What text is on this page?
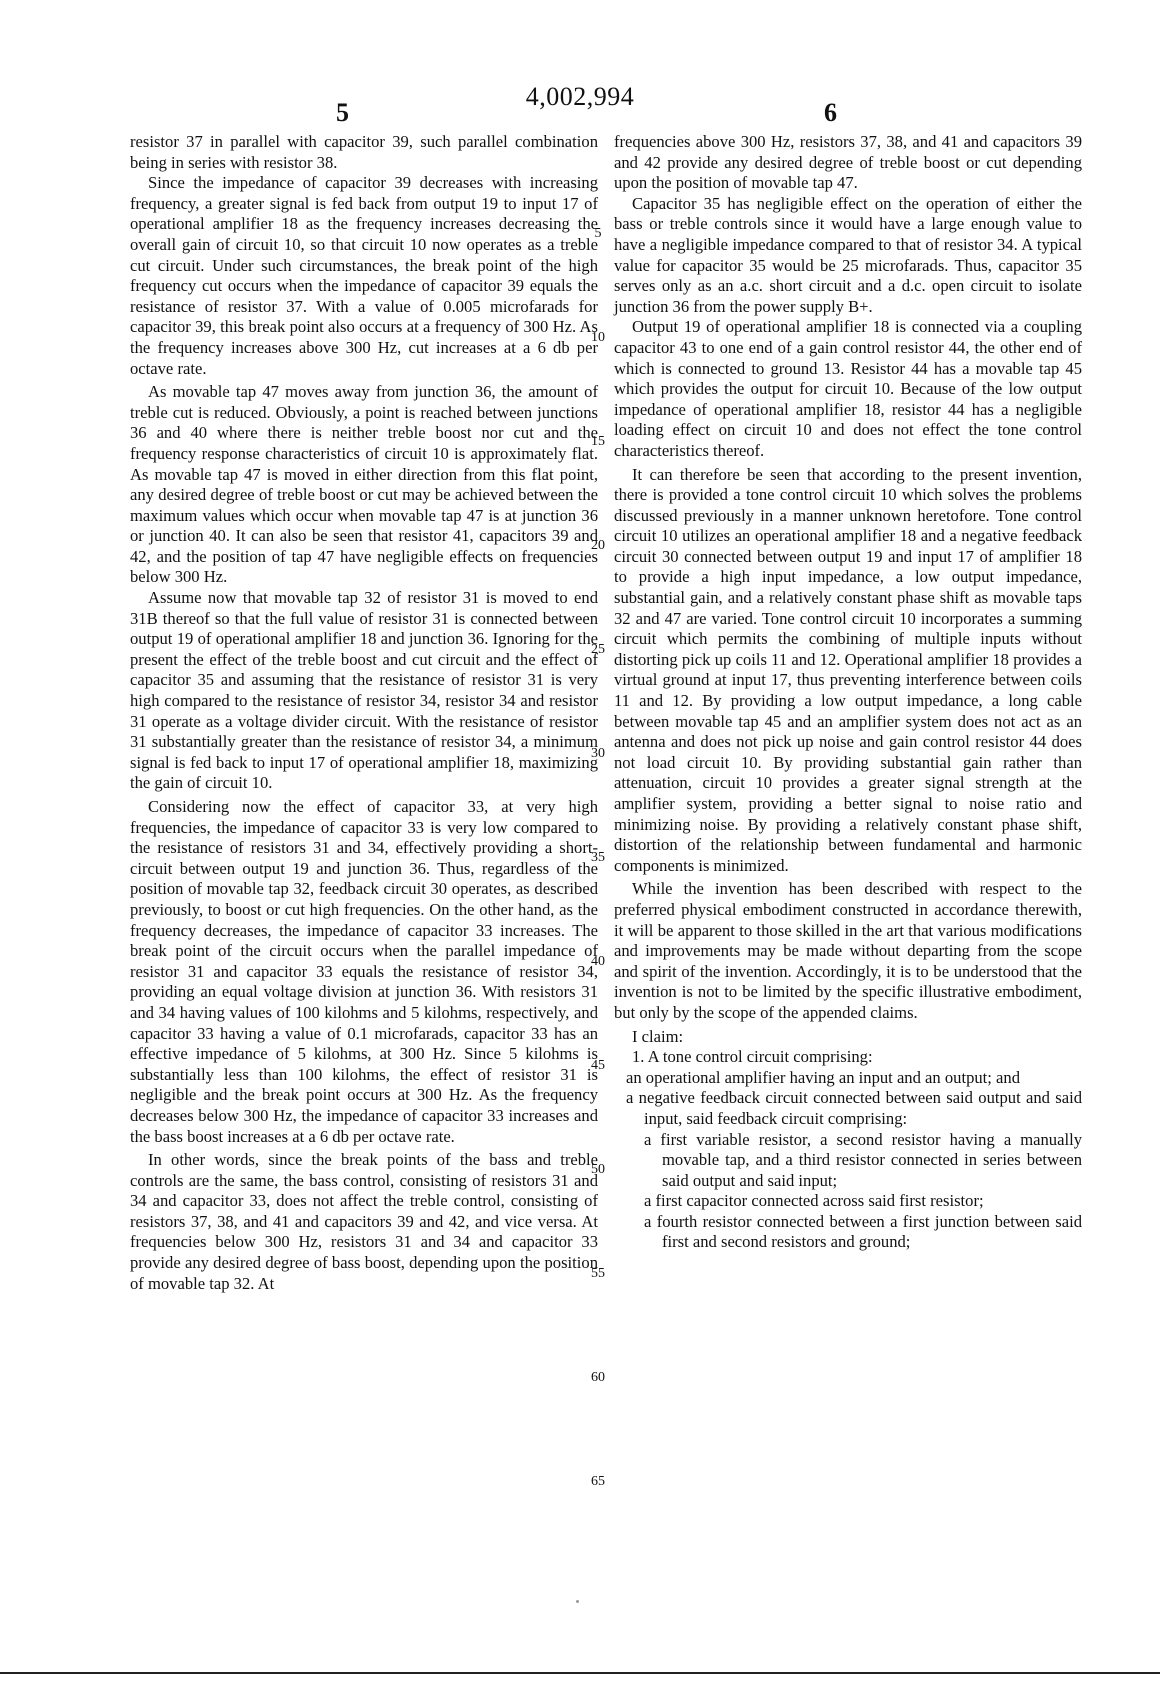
4,002,994
5	6

resistor 37 in parallel with capacitor 39, such parallel combination being in series with resistor 38.

Since the impedance of capacitor 39 decreases with increasing frequency, a greater signal is fed back from output 19 to input 17 of operational amplifier 18 as the frequency increases decreasing the overall gain of circuit 10, so that circuit 10 now operates as a treble cut circuit. Under such circumstances, the break point of the high frequency cut occurs when the impedance of capacitor 39 equals the resistance of resistor 37. With a value of 0.005 microfarads for capacitor 39, this break point also occurs at a frequency of 300 Hz. As the frequency increases above 300 Hz, cut increases at a 6 db per octave rate.

As movable tap 47 moves away from junction 36, the amount of treble cut is reduced. Obviously, a point is reached between junctions 36 and 40 where there is neither treble boost nor cut and the frequency response characteristics of circuit 10 is approximately flat. As movable tap 47 is moved in either direction from this flat point, any desired degree of treble boost or cut may be achieved between the maximum values which occur when movable tap 47 is at junction 36 or junction 40. It can also be seen that resistor 41, capacitors 39 and 42, and the position of tap 47 have negligible effects on frequencies below 300 Hz.

Assume now that movable tap 32 of resistor 31 is moved to end 31B thereof so that the full value of resistor 31 is connected between output 19 of operational amplifier 18 and junction 36. Ignoring for the present the effect of the treble boost and cut circuit and the effect of capacitor 35 and assuming that the resistance of resistor 31 is very high compared to the resistance of resistor 34, resistor 34 and resistor 31 operate as a voltage divider circuit. With the resistance of resistor 31 substantially greater than the resistance of resistor 34, a minimum signal is fed back to input 17 of operational amplifier 18, maximizing the gain of circuit 10.

Considering now the effect of capacitor 33, at very high frequencies, the impedance of capacitor 33 is very low compared to the resistance of resistors 31 and 34, effectively providing a short-circuit between output 19 and junction 36. Thus, regardless of the position of movable tap 32, feedback circuit 30 operates, as described previously, to boost or cut high frequencies. On the other hand, as the frequency decreases, the impedance of capacitor 33 increases. The break point of the circuit occurs when the parallel impedance of resistor 31 and capacitor 33 equals the resistance of resistor 34, providing an equal voltage division at junction 36. With resistors 31 and 34 having values of 100 kilohms and 5 kilohms, respectively, and capacitor 33 having a value of 0.1 microfarads, capacitor 33 has an effective impedance of 5 kilohms, at 300 Hz. Since 5 kilohms is substantially less than 100 kilohms, the effect of resistor 31 is negligible and the break point occurs at 300 Hz. As the frequency decreases below 300 Hz, the impedance of capacitor 33 increases and the bass boost increases at a 6 db per octave rate.

In other words, since the break points of the bass and treble controls are the same, the bass control, consisting of resistors 31 and 34 and capacitor 33, does not affect the treble control, consisting of resistors 37, 38, and 41 and capacitors 39 and 42, and vice versa. At frequencies below 300 Hz, resistors 31 and 34 and capacitor 33 provide any desired degree of bass boost, depending upon the position of movable tap 32. At

frequencies above 300 Hz, resistors 37, 38, and 41 and capacitors 39 and 42 provide any desired degree of treble boost or cut depending upon the position of movable tap 47.

Capacitor 35 has negligible effect on the operation of either the bass or treble controls since it would have a large enough value to have a negligible impedance compared to that of resistor 34. A typical value for capacitor 35 would be 25 microfarads. Thus, capacitor 35 serves only as an a.c. short circuit and a d.c. open circuit to isolate junction 36 from the power supply B+.

Output 19 of operational amplifier 18 is connected via a coupling capacitor 43 to one end of a gain control resistor 44, the other end of which is connected to ground 13. Resistor 44 has a movable tap 45 which provides the output for circuit 10. Because of the low output impedance of operational amplifier 18, resistor 44 has a negligible loading effect on circuit 10 and does not effect the tone control characteristics thereof.

It can therefore be seen that according to the present invention, there is provided a tone control circuit 10 which solves the problems discussed previously in a manner unknown heretofore. Tone control circuit 10 utilizes an operational amplifier 18 and a negative feedback circuit 30 connected between output 19 and input 17 of amplifier 18 to provide a high input impedance, a low output impedance, substantial gain, and a relatively constant phase shift as movable taps 32 and 47 are varied. Tone control circuit 10 incorporates a summing circuit which permits the combining of multiple inputs without distorting pick up coils 11 and 12. Operational amplifier 18 provides a virtual ground at input 17, thus preventing interference between coils 11 and 12. By providing a low output impedance, a long cable between movable tap 45 and an amplifier system does not act as an antenna and does not pick up noise and gain control resistor 44 does not load circuit 10. By providing substantial gain rather than attenuation, circuit 10 provides a greater signal strength at the amplifier system, providing a better signal to noise ratio and minimizing noise. By providing a relatively constant phase shift, distortion of the relationship between fundamental and harmonic components is minimized.

While the invention has been described with respect to the preferred physical embodiment constructed in accordance therewith, it will be apparent to those skilled in the art that various modifications and improvements may be made without departing from the scope and spirit of the invention. Accordingly, it is to be understood that the invention is not to be limited by the specific illustrative embodiment, but only by the scope of the appended claims.

I claim:

1. A tone control circuit comprising:

an operational amplifier having an input and an output; and

a negative feedback circuit connected between said output and said input, said feedback circuit comprising:

a first variable resistor, a second resistor having a manually movable tap, and a third resistor connected in series between said output and said input;

a first capacitor connected across said first resistor;

a fourth resistor connected between a first junction between said first and second resistors and ground;

5
10
15
20
25
30
35
40
45
50
55
60
65
